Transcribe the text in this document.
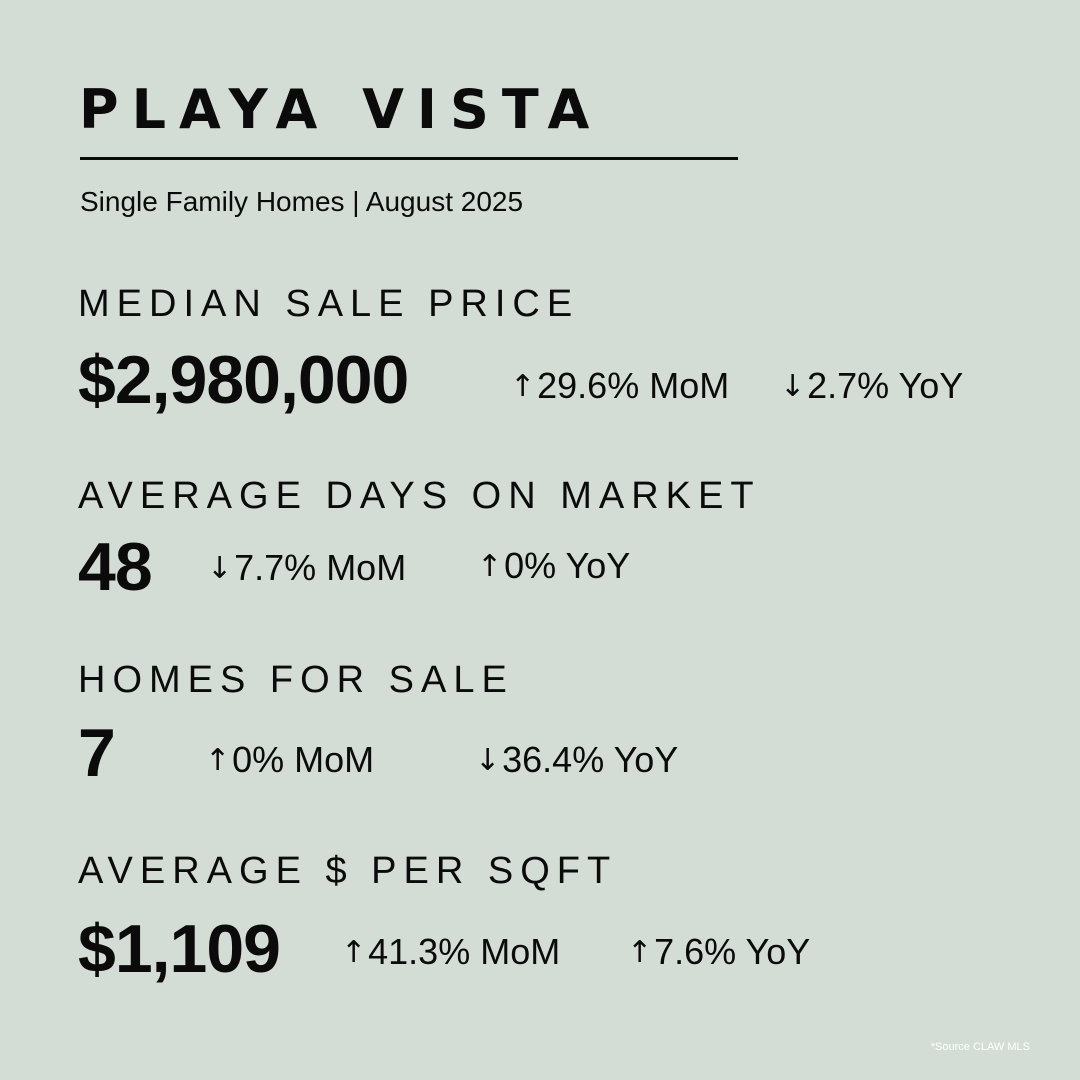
PLAYA VISTA
Single Family Homes | August 2025
MEDIAN SALE PRICE
$2,980,000	↑29.6% MoM ↓2.7% YoY
AVERAGE DAYS ON MARKET
48 ↓7.7% MoM ↑0% YoY
HOMES FOR SALE
7	↑0% MoM	↓36.4% YoY
AVERAGE $ PER SQFT
$1,109 ↑41.3% MoM ↑7.6% YoY
*Source CLAW MLS
